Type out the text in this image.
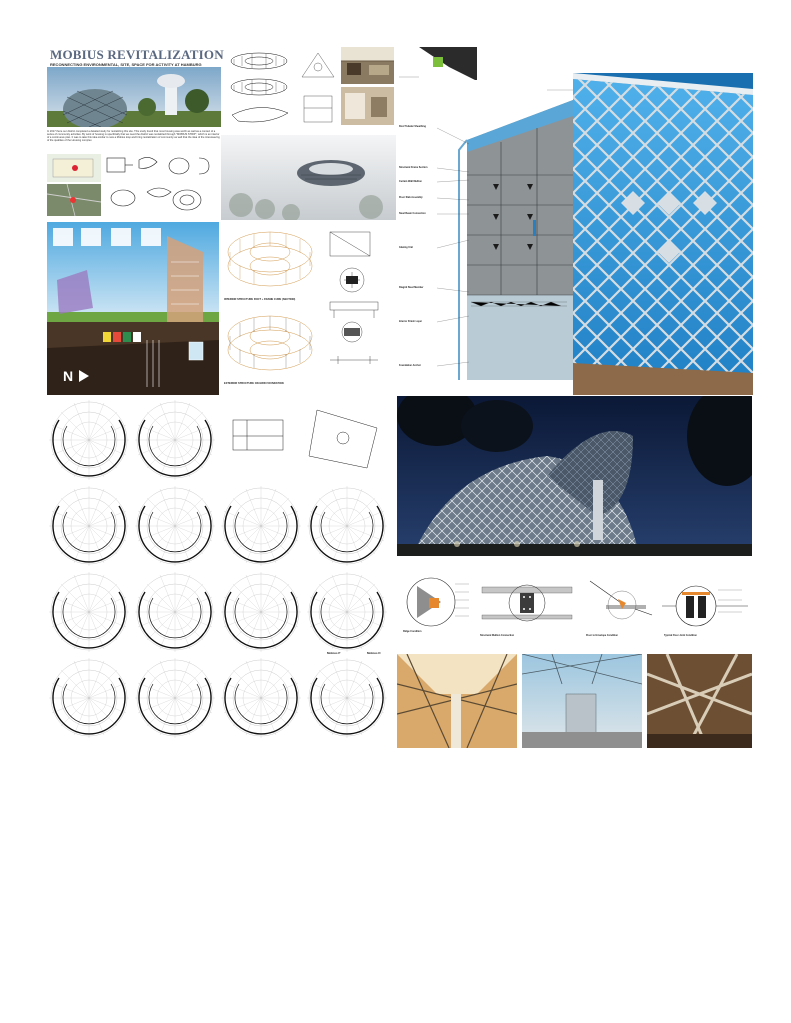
MOBIUS REVITALIZATION
RECONNECTING ENVIRONMENTAL, SITE, SPACE FOR ACTIVITY AT HAMBURG
In 2017 there our district completed a detailed study for revitalizing this site. This study found that most housing was worth as well as a context of a series of community activities. By work of housing is specifically that we need the district was revitalized through "MOBIUS STRIP", which is an interior of a continuous plan. It was to take this idea similar to new a Mobius loop and bring revitalization of community as well that the idea of the interweaving of the qualities of the Housing complex.
Roof Tubular Sheathing
Structural Frame Section
Curtain Wall Mullion
Floor Slab Assembly
Steel Beam Connection
Glazing Unit
Diagrid Steel Member
Interior Finish Layer
Foundation Anchor
N
INTERIOR STRUCTURE FOOT + FRAME CURE (SECTION)
EXTERIOR STRUCTURE ON GRID FOUNDATION
Mobius P	Mobius D
Ridge Condition
Structural Mullion Connection	Floor to Envelope Condition	Typical Floor Joint Condition
